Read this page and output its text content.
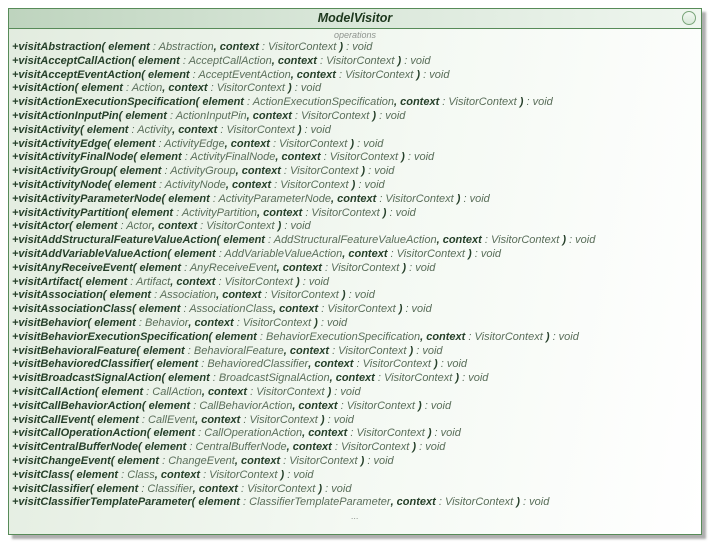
ModelVisitor
operations
+visitAbstraction( element : Abstraction, context : VisitorContext ) : void
+visitAcceptCallAction( element : AcceptCallAction, context : VisitorContext ) : void
+visitAcceptEventAction( element : AcceptEventAction, context : VisitorContext ) : void
+visitAction( element : Action, context : VisitorContext ) : void
+visitActionExecutionSpecification( element : ActionExecutionSpecification, context : VisitorContext ) : void
+visitActionInputPin( element : ActionInputPin, context : VisitorContext ) : void
+visitActivity( element : Activity, context : VisitorContext ) : void
+visitActivityEdge( element : ActivityEdge, context : VisitorContext ) : void
+visitActivityFinalNode( element : ActivityFinalNode, context : VisitorContext ) : void
+visitActivityGroup( element : ActivityGroup, context : VisitorContext ) : void
+visitActivityNode( element : ActivityNode, context : VisitorContext ) : void
+visitActivityParameterNode( element : ActivityParameterNode, context : VisitorContext ) : void
+visitActivityPartition( element : ActivityPartition, context : VisitorContext ) : void
+visitActor( element : Actor, context : VisitorContext ) : void
+visitAddStructuralFeatureValueAction( element : AddStructuralFeatureValueAction, context : VisitorContext ) : void
+visitAddVariableValueAction( element : AddVariableValueAction, context : VisitorContext ) : void
+visitAnyReceiveEvent( element : AnyReceiveEvent, context : VisitorContext ) : void
+visitArtifact( element : Artifact, context : VisitorContext ) : void
+visitAssociation( element : Association, context : VisitorContext ) : void
+visitAssociationClass( element : AssociationClass, context : VisitorContext ) : void
+visitBehavior( element : Behavior, context : VisitorContext ) : void
+visitBehaviorExecutionSpecification( element : BehaviorExecutionSpecification, context : VisitorContext ) : void
+visitBehavioralFeature( element : BehavioralFeature, context : VisitorContext ) : void
+visitBehavioredClassifier( element : BehavioredClassifier, context : VisitorContext ) : void
+visitBroadcastSignalAction( element : BroadcastSignalAction, context : VisitorContext ) : void
+visitCallAction( element : CallAction, context : VisitorContext ) : void
+visitCallBehaviorAction( element : CallBehaviorAction, context : VisitorContext ) : void
+visitCallEvent( element : CallEvent, context : VisitorContext ) : void
+visitCallOperationAction( element : CallOperationAction, context : VisitorContext ) : void
+visitCentralBufferNode( element : CentralBufferNode, context : VisitorContext ) : void
+visitChangeEvent( element : ChangeEvent, context : VisitorContext ) : void
+visitClass( element : Class, context : VisitorContext ) : void
+visitClassifier( element : Classifier, context : VisitorContext ) : void
+visitClassifierTemplateParameter( element : ClassifierTemplateParameter, context : VisitorContext ) : void
...
